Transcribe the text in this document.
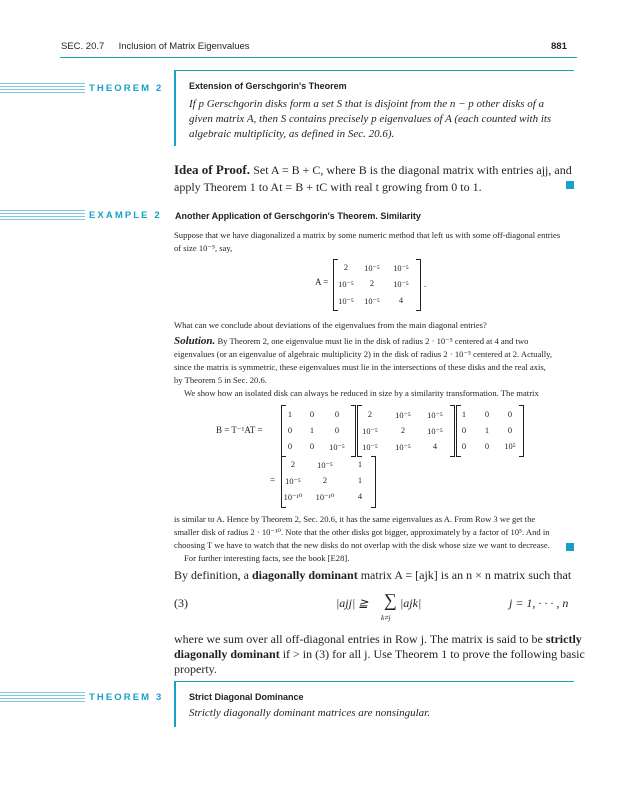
SEC. 20.7 Inclusion of Matrix Eigenvalues	881
THEOREM 2	Extension of Gerschgorin's Theorem
If p Gerschgorin disks form a set S that is disjoint from the n − p other disks of a
given matrix A, then S contains precisely p eigenvalues of A (each counted with its
algebraic multiplicity, as defined in Sec. 20.6).
Idea of Proof. Set A = B + C, where B is the diagonal matrix with entries ajj, and
apply Theorem 1 to At = B + tC with real t growing from 0 to 1.
EXAMPLE 2 Another Application of Gerschgorin's Theorem. Similarity
Suppose that we have diagonalized a matrix by some numeric method that left us with some off-diagonal entries
of size 10⁻⁵, say,
A =
2	10⁻⁵	10⁻⁵
10⁻⁵	2	10⁻⁵
10⁻⁵	10⁻⁵	4
.
What can we conclude about deviations of the eigenvalues from the main diagonal entries?
Solution. By Theorem 2, one eigenvalue must lie in the disk of radius 2 · 10⁻⁵ centered at 4 and two
eigenvalues (or an eigenvalue of algebraic multiplicity 2) in the disk of radius 2 · 10⁻⁵ centered at 2. Actually,
since the matrix is symmetric, these eigenvalues must lie in the intersections of these disks and the real axis,
by Theorem 5 in Sec. 20.6.
We show how an isolated disk can always be reduced in size by a similarity transformation. The matrix
B = T⁻¹AT =
1	0	0
0	1	0
0	0	10⁻⁵
2	10⁻⁵	10⁻⁵
10⁻⁵	2	10⁻⁵
10⁻⁵	10⁻⁵	4
1	0	0
0	1	0
0	0	10⁵
=
2	10⁻⁵	1
10⁻⁵	2	1
10⁻¹⁰	10⁻¹⁰	4
is similar to A. Hence by Theorem 2, Sec. 20.6, it has the same eigenvalues as A. From Row 3 we get the
smaller disk of radius 2 · 10⁻¹⁰. Note that the other disks got bigger, approximately by a factor of 10⁵. And in
choosing T we have to watch that the new disks do not overlap with the disk whose size we want to decrease.
For further interesting facts, see the book [E28].
By definition, a diagonally dominant matrix A = [ajk] is an n × n matrix such that
(3)	|ajj| ≧ ∑
k≠j
|ajk|	j = 1, · · · , n
where we sum over all off-diagonal entries in Row j. The matrix is said to be strictly
diagonally dominant if > in (3) for all j. Use Theorem 1 to prove the following basic
property.
THEOREM 3	Strict Diagonal Dominance
Strictly diagonally dominant matrices are nonsingular.
